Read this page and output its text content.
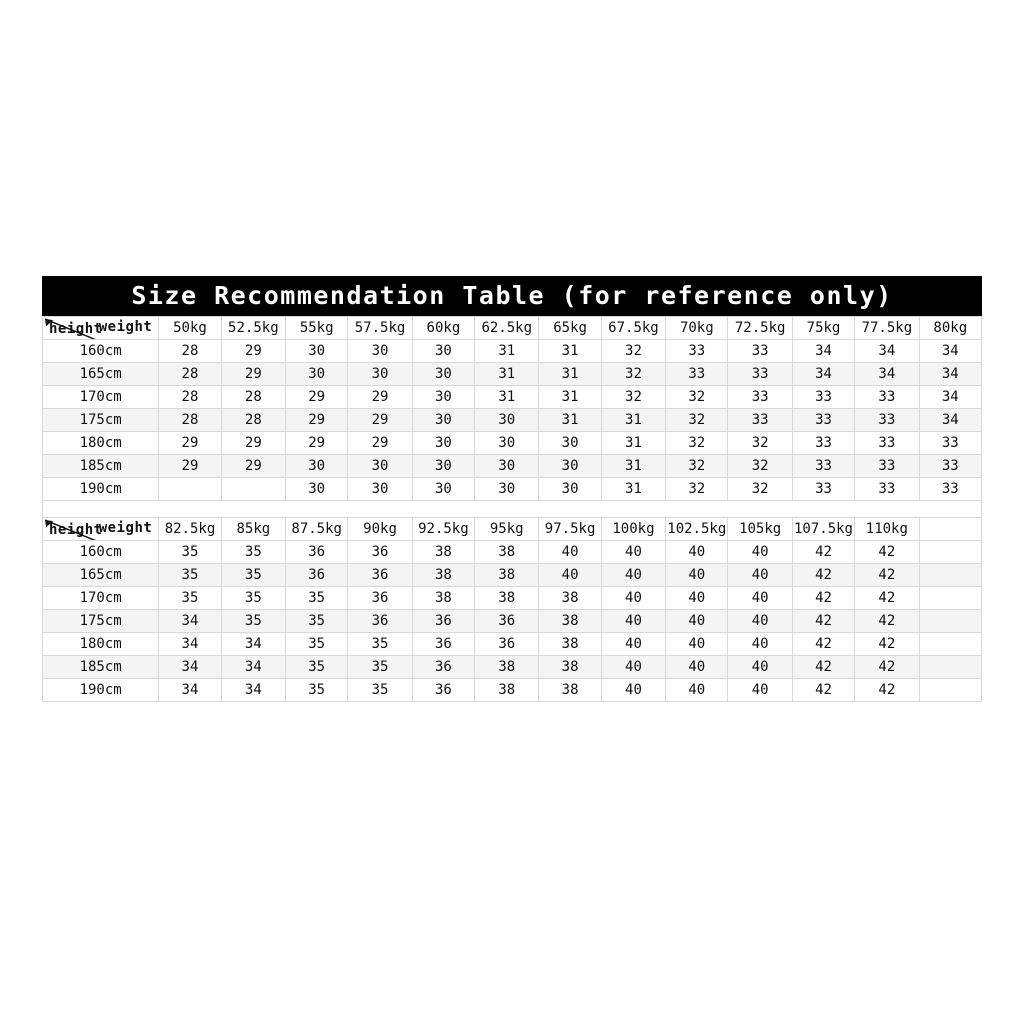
Size Recommendation Table (for reference only)
weight
height	50kg	52.5kg	55kg	57.5kg	60kg	62.5kg	65kg	67.5kg	70kg	72.5kg	75kg	77.5kg	80kg
160cm	28	29	30	30	30	31	31	32	33	33	34	34	34
165cm	28	29	30	30	30	31	31	32	33	33	34	34	34
170cm	28	28	29	29	30	31	31	32	32	33	33	33	34
175cm	28	28	29	29	30	30	31	31	32	33	33	33	34
180cm	29	29	29	29	30	30	30	31	32	32	33	33	33
185cm	29	29	30	30	30	30	30	31	32	32	33	33	33
190cm			30	30	30	30	30	31	32	32	33	33	33

weight
height	82.5kg	85kg	87.5kg	90kg	92.5kg	95kg	97.5kg	100kg	102.5kg	105kg	107.5kg	110kg	
160cm	35	35	36	36	38	38	40	40	40	40	42	42	
165cm	35	35	36	36	38	38	40	40	40	40	42	42	
170cm	35	35	35	36	38	38	38	40	40	40	42	42	
175cm	34	35	35	36	36	36	38	40	40	40	42	42	
180cm	34	34	35	35	36	36	38	40	40	40	42	42	
185cm	34	34	35	35	36	38	38	40	40	40	42	42	
190cm	34	34	35	35	36	38	38	40	40	40	42	42	
